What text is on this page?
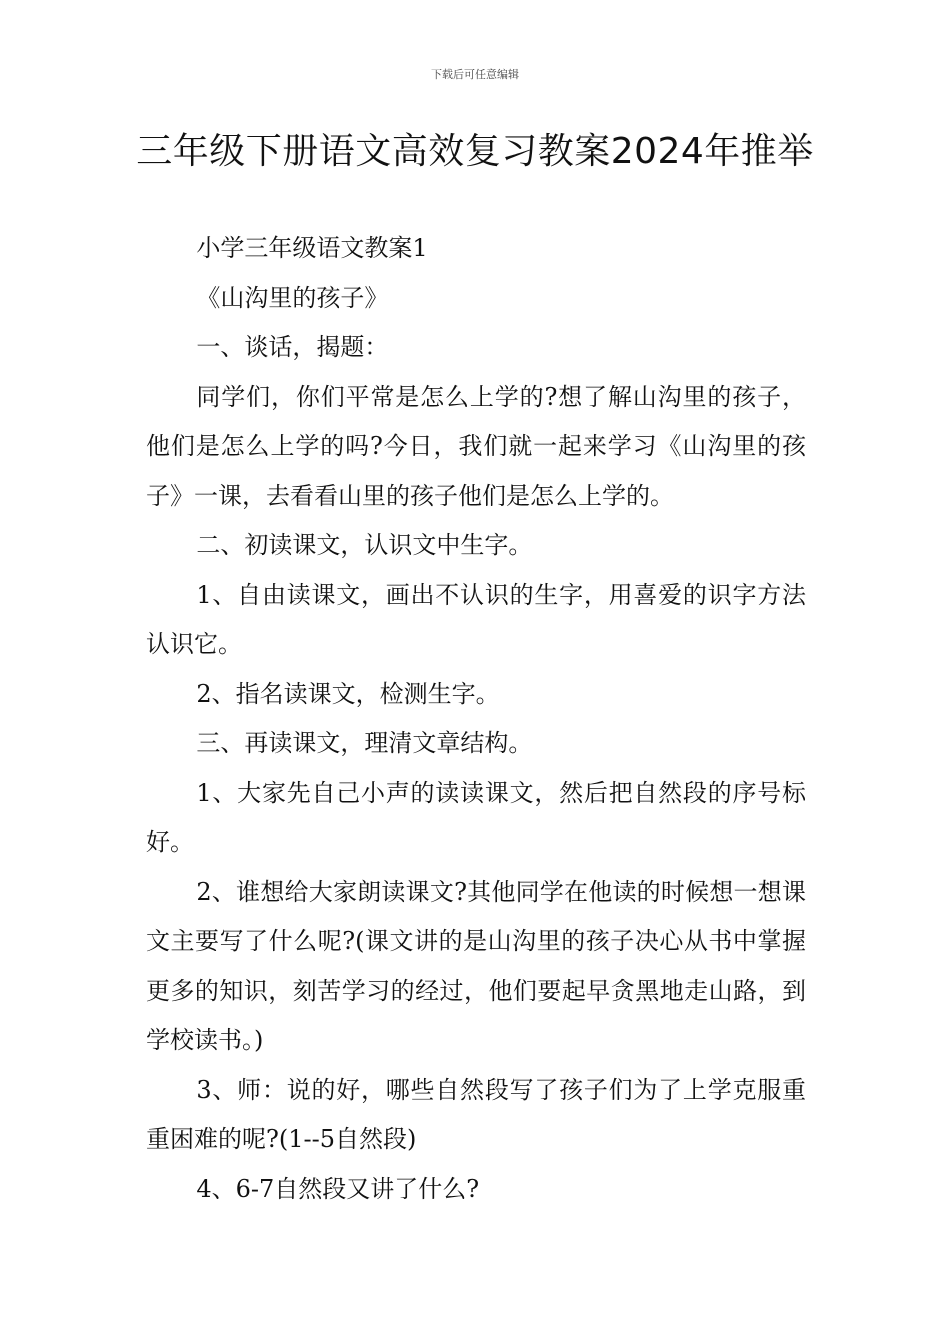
下载后可任意编辑
三年级下册语文高效复习教案2024年推举

小学三年级语文教案1

《山沟里的孩子》

一、谈话，揭题：

同学们，你们平常是怎么上学的?想了解山沟里的孩子，他们是怎么上学的吗?今日，我们就一起来学习《山沟里的孩子》一课，去看看山里的孩子他们是怎么上学的。

二、初读课文，认识文中生字。

1、自由读课文，画出不认识的生字，用喜爱的识字方法认识它。

2、指名读课文，检测生字。

三、再读课文，理清文章结构。

1、大家先自己小声的读读课文，然后把自然段的序号标好。

2、谁想给大家朗读课文?其他同学在他读的时候想一想课文主要写了什么呢?(课文讲的是山沟里的孩子决心从书中掌握更多的知识，刻苦学习的经过，他们要起早贪黑地走山路，到学校读书。)

3、师：说的好，哪些自然段写了孩子们为了上学克服重重困难的呢?(1--5自然段)

4、6-7自然段又讲了什么?
